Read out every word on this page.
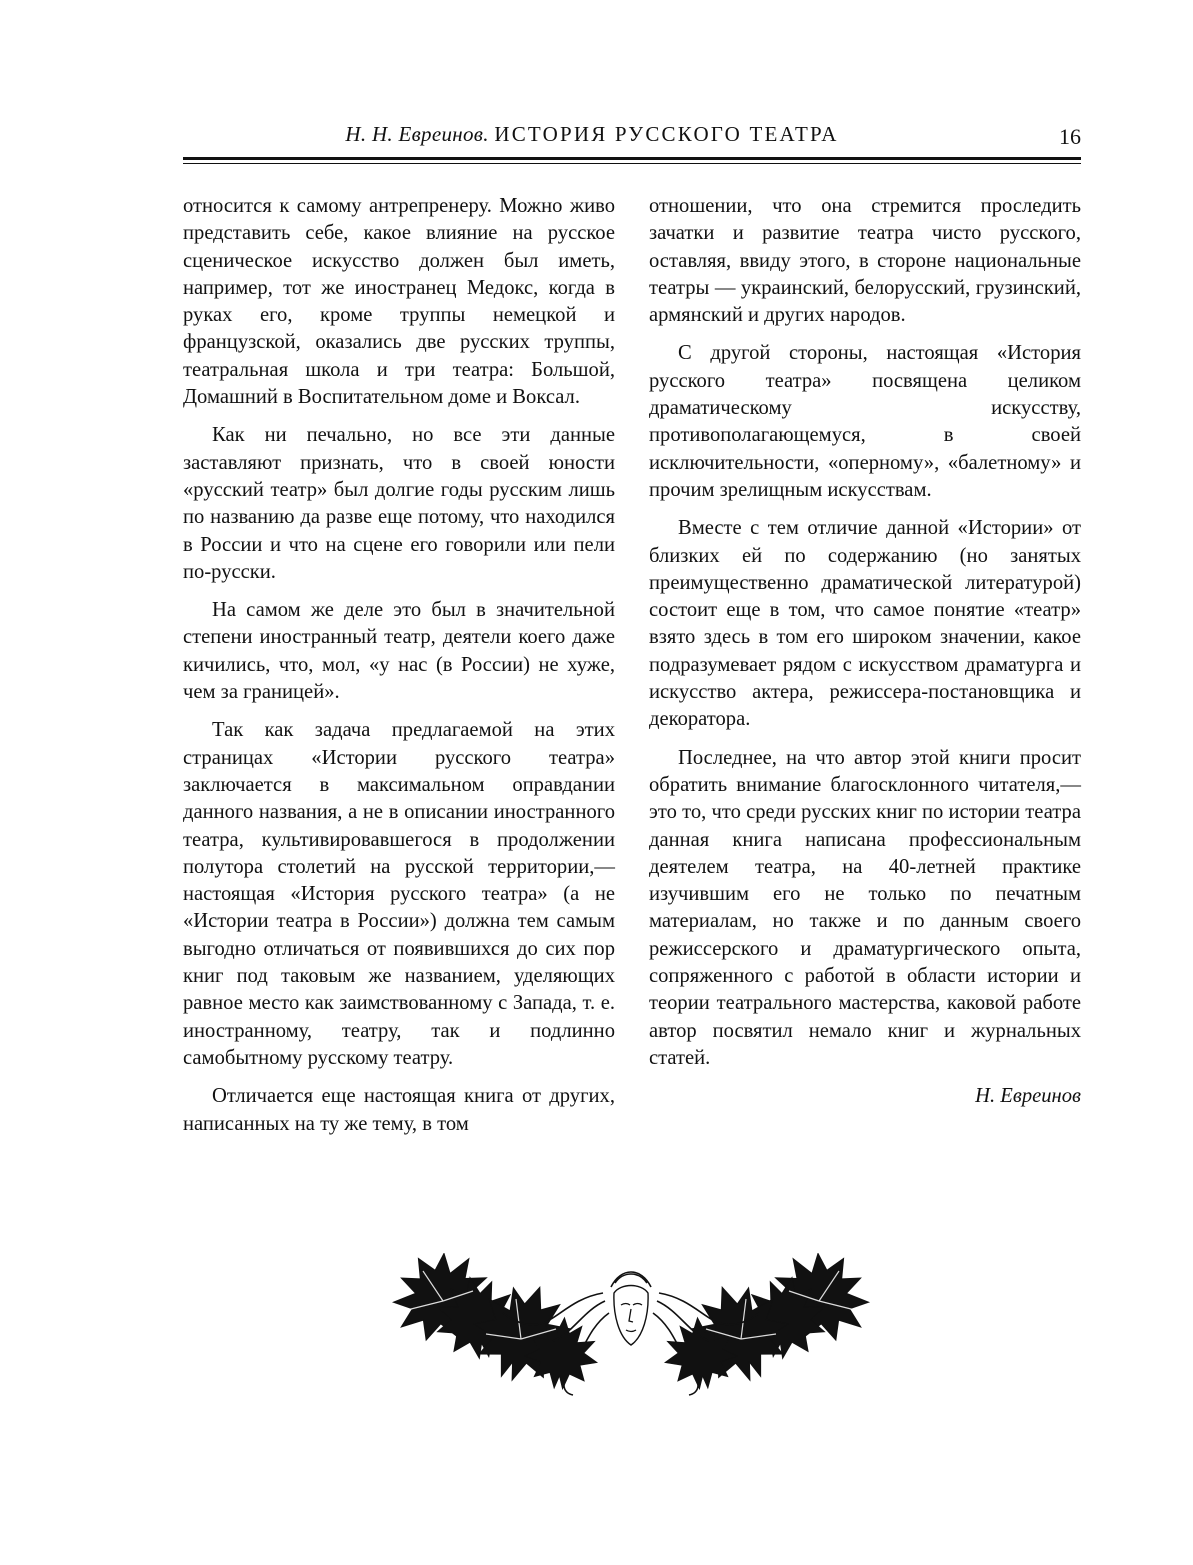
Н. Н. Евреинов. ИСТОРИЯ РУССКОГО ТЕАТРА	16

относится к самому антрепренеру. Можно живо представить себе, какое влияние на русское сценическое искусство должен был иметь, например, тот же иностранец Медокс, когда в руках его, кроме труппы немецкой и французской, оказались две русских труппы, театральная школа и три театра: Большой, Домашний в Воспитательном доме и Воксал.

Как ни печально, но все эти данные заставляют признать, что в своей юности «русский театр» был долгие годы русским лишь по названию да разве еще потому, что находился в России и что на сцене его говорили или пели по-русски.

На самом же деле это был в значительной степени иностранный театр, деятели коего даже кичились, что, мол, «у нас (в России) не хуже, чем за границей».

Так как задача предлагаемой на этих страницах «Истории русского театра» заключается в максимальном оправдании данного названия, а не в описании иностранного театра, культивировавшегося в продолжении полутора столетий на русской территории,— настоящая «История русского театра» (а не «Истории театра в России») должна тем самым выгодно отличаться от появившихся до сих пор книг под таковым же названием, уделяющих равное место как заимствованному с Запада, т. е. иностранному, театру, так и подлинно самобытному русскому театру.

Отличается еще настоящая книга от других, написанных на ту же тему, в том

отношении, что она стремится проследить зачатки и развитие театра чисто русского, оставляя, ввиду этого, в стороне национальные театры — украинский, белорусский, грузинский, армянский и других народов.

С другой стороны, настоящая «История русского театра» посвящена целиком драматическому искусству, противополагающемуся, в своей исключительности, «оперному», «балетному» и прочим зрелищным искусствам.

Вместе с тем отличие данной «Истории» от близких ей по содержанию (но занятых преимущественно драматической литературой) состоит еще в том, что самое понятие «театр» взято здесь в том его широком значении, какое подразумевает рядом с искусством драматурга и искусство актера, режиссера-постановщика и декоратора.

Последнее, на что автор этой книги просит обратить внимание благосклонного читателя,— это то, что среди русских книг по истории театра данная книга написана профессиональным деятелем театра, на 40-летней практике изучившим его не только по печатным материалам, но также и по данным своего режиссерского и драматургического опыта, сопряженного с работой в области истории и теории театрального мастерства, каковой работе автор посвятил немало книг и журнальных статей.

Н. Евреинов
